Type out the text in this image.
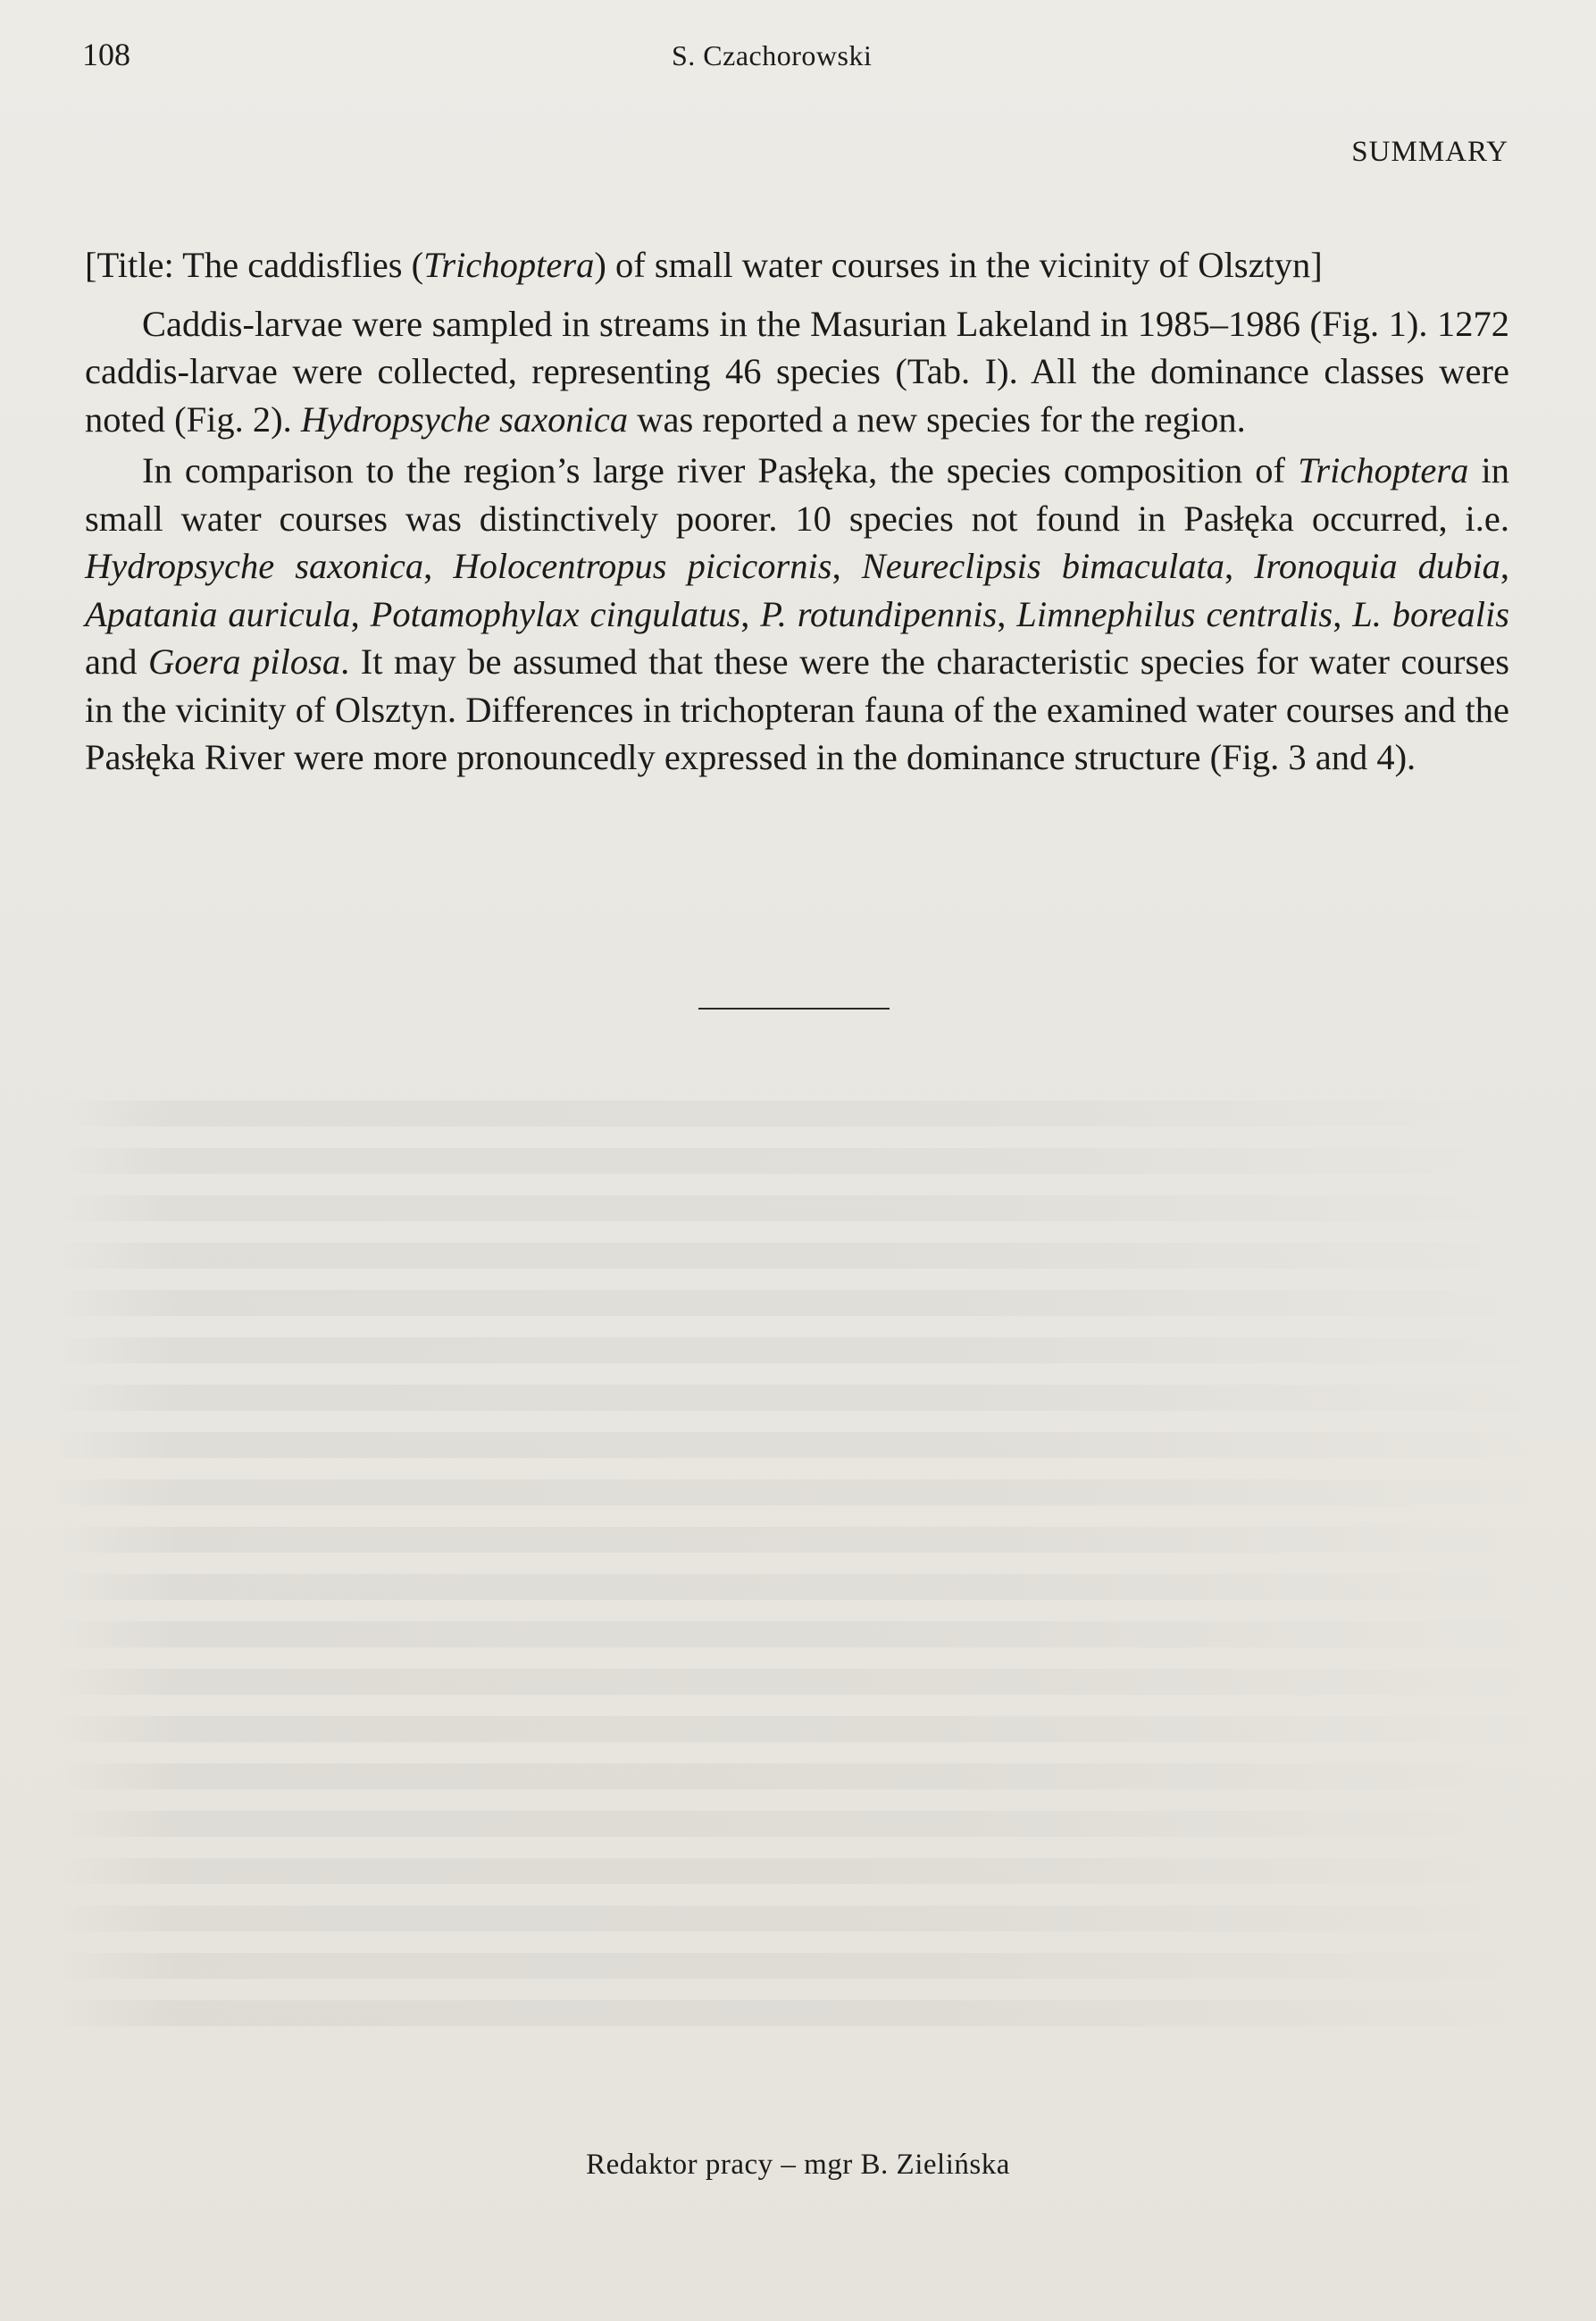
108	S. Czachorowski
SUMMARY

[Title: The caddisflies (Trichoptera) of small water courses in the vicinity of Olsztyn]

Caddis-larvae were sampled in streams in the Masurian Lakeland in 1985–1986 (Fig. 1). 1272 caddis-larvae were collected, representing 46 species (Tab. I). All the dominance classes were noted (Fig. 2). Hydropsyche saxonica was reported a new species for the region.

In comparison to the region’s large river Pasłęka, the species composition of Trichoptera in small water courses was distinctively poorer. 10 species not found in Pasłęka occurred, i.e. Hydropsyche saxonica, Holocentropus picicornis, Neureclipsis bimaculata, Ironoquia dubia, Apatania auricula, Potamophylax cingulatus, P. rotundipennis, Limnephilus centralis, L. borealis and Goera pilosa. It may be assumed that these were the characteristic species for water courses in the vicinity of Olsztyn. Differences in trichopteran fauna of the examined water courses and the Pasłęka River were more pronouncedly expressed in the dominance structure (Fig. 3 and 4).

Redaktor pracy – mgr B. Zielińska
